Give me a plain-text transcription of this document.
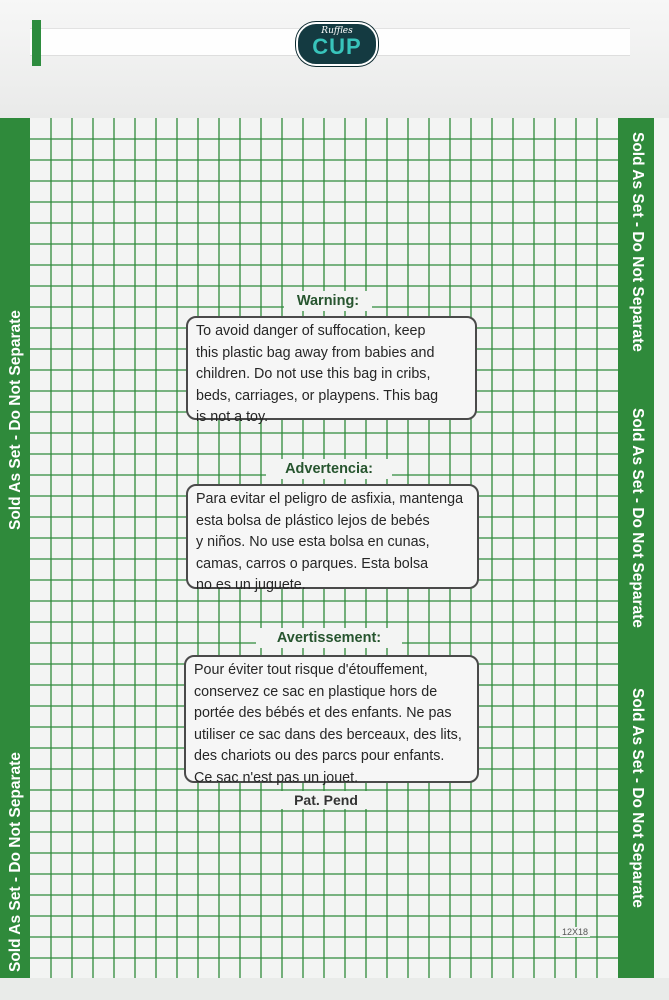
Sold As Set - Do Not Separate
Sold As Set - Do Not Separate
Sold As Set - Do Not Separate
Sold As Set - Do Not Separate
Sold As Set - Do Not Separate
Ruffles
CUP
Warning:
To avoid danger of suffocation, keep
this plastic bag away from babies and
children. Do not use this bag in cribs,
beds, carriages, or playpens. This bag
is not a toy.
Advertencia:
Para evitar el peligro de asfixia, mantenga
esta bolsa de plástico lejos de bebés
y niños. No use esta bolsa en cunas,
camas, carros o parques. Esta bolsa
no es un juguete.
Avertissement:
Pour éviter tout risque d'étouffement,
conservez ce sac en plastique hors de
portée des bébés et des enfants. Ne pas
utiliser ce sac dans des berceaux, des lits,
des chariots ou des parcs pour enfants.
Ce sac n'est pas un jouet.
Pat. Pend
12X18
